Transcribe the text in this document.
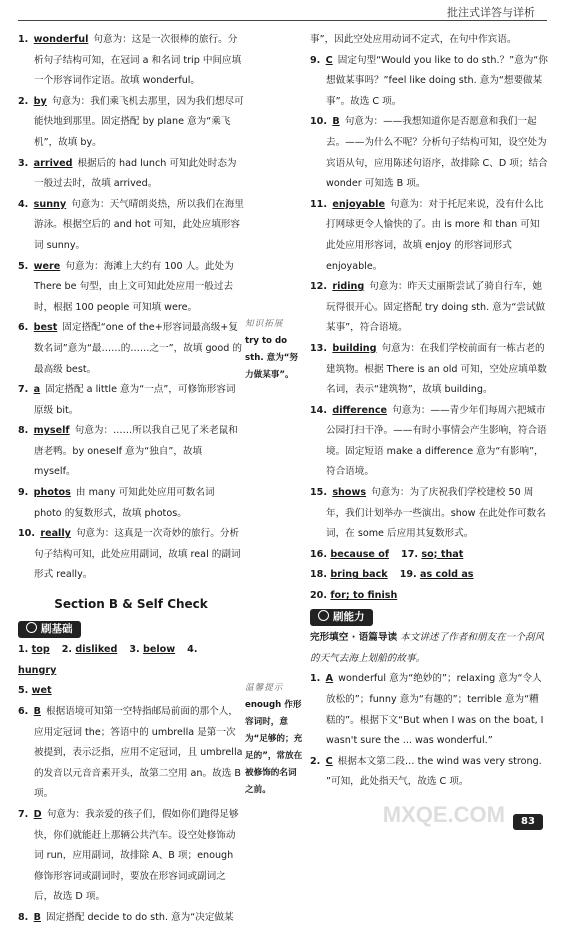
批注式详答与详析

1. wonderful 句意为：这是一次很棒的旅行。分析句子结构可知，在冠词 a 和名词 trip 中间应填一个形容词作定语。故填 wonderful。

2. by 句意为：我们乘飞机去那里，因为我们想尽可能快地到那里。固定搭配 by plane 意为“乘飞机”，故填 by。

3. arrived 根据后的 had lunch 可知此处时态为一般过去时，故填 arrived。

4. sunny 句意为：天气晴朗炎热，所以我们在海里游泳。根据空后的 and hot 可知，此处应填形容词 sunny。

5. were 句意为：海滩上大约有 100 人。此处为 There be 句型，由上文可知此处应用一般过去时，根据 100 people 可知填 were。

6. best 固定搭配“one of the+形容词最高级+复数名词”意为“最……的……之一”，故填 good 的最高级 best。

7. a 固定搭配 a little 意为“一点”，可修饰形容词原级 bit。

8. myself 句意为：……所以我自己见了米老鼠和唐老鸭。by oneself 意为“独自”，故填 myself。

9. photos 由 many 可知此处应用可数名词 photo 的复数形式，故填 photos。

10. really 句意为：这真是一次奇妙的旅行。分析句子结构可知，此处应用副词，故填 real 的副词形式 really。

Section B & Self Check
刷基础
1. top 2. disliked 3. below 4. hungry
5. wet

6. B 根据语境可知第一空特指邮局前面的那个人，应用定冠词 the；答语中的 umbrella 是第一次被提到，表示泛指，应用不定冠词，且 umbrella 的发音以元音音素开头，故第二空用 an。故选 B 项。

7. D 句意为：我亲爱的孩子们，假如你们跑得足够快，你们就能赶上那辆公共汽车。设空处修饰动词 run，应用副词，故排除 A、B 项；enough 修饰形容词或副词时，要放在形容词或副词之后，故选 D 项。

8. B 固定搭配 decide to do sth. 意为“决定做某

知识拓展
try to do sth. 意为“努力做某事”。
温馨提示
enough 作形容词时，意为“足够的；充足的”，常放在被修饰的名词之前。

事”，因此空处应用动词不定式，在句中作宾语。

9. C 固定句型“Would you like to do sth.？”意为“你想做某事吗？”feel like doing sth. 意为“想要做某事”。故选 C 项。

10. B 句意为：——我想知道你是否愿意和我们一起去。——为什么不呢？分析句子结构可知，设空处为宾语从句，应用陈述句语序，故排除 C、D 项；结合 wonder 可知选 B 项。

11. enjoyable 句意为：对于托尼来说，没有什么比打网球更令人愉快的了。由 is more 和 than 可知此处应用形容词，故填 enjoy 的形容词形式 enjoyable。

12. riding 句意为：昨天丈丽斯尝试了骑自行车，她玩得很开心。固定搭配 try doing sth. 意为“尝试做某事”，符合语境。

13. building 句意为：在我们学校前面有一栋古老的建筑物。根据 There is an old 可知，空处应填单数名词，表示“建筑物”，故填 building。

14. difference 句意为：——青少年们每周六把城市公园打扫干净。——有时小事情会产生影响，符合语境。固定短语 make a difference 意为“有影响”，符合语境。

15. shows 句意为：为了庆祝我们学校建校 50 周年，我们计划举办一些演出。show 在此处作可数名词，在 some 后应用其复数形式。

16. because of 17. so; that
18. bring back 19. as cold as
20. for; to finish
刷能力

完形填空 · 语篇导读 本文讲述了作者和朋友在一个刮风的天气去海上划船的故事。

1. A wonderful 意为“绝妙的”；relaxing 意为“令人放松的”；funny 意为“有趣的”；terrible 意为“糟糕的”。根据下文“But when I was on the boat, I wasn't sure the ... was wonderful.”

2. C 根据本文第二段… the wind was very strong. ”可知，此处指天气，故选 C 项。

MXQE.COM	83
